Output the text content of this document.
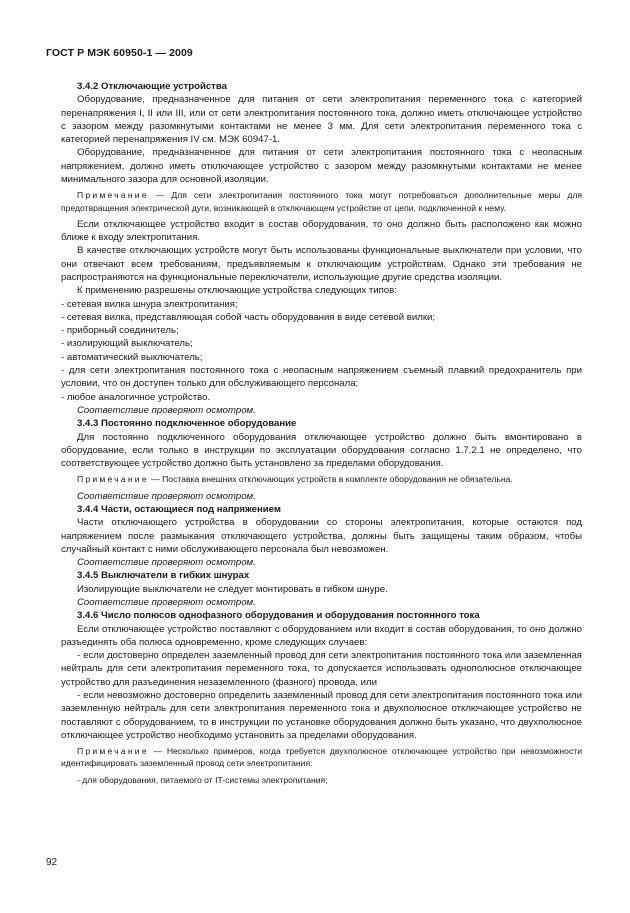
ГОСТ Р МЭК 60950-1 — 2009

3.4.2 Отключающие устройства

Оборудование, предназначенное для питания от сети электропитания переменного тока с категорией перенапряжения I, II или III, или от сети электропитания постоянного тока, должно иметь отключающее устройство с зазором между разомкнутыми контактами не менее 3 мм. Для сети электропитания переменного тока с категорией перенапряжения IV см. МЭК 60947-1.

Оборудование, предназначенное для питания от сети электропитания постоянного тока с неопасным напряжением, должно иметь отключающее устройство с зазором между разомкнутыми контактами не менее минимального зазора для основной изоляции.

Примечание — Для сети электропитания постоянного тока могут потребоваться дополнительные меры для предотвращения электрической дуги, возникающей в отключающем устройстве от цепи, подключенной к нему.

Если отключающее устройство входит в состав оборудования, то оно должно быть расположено как можно ближе к входу электропитания.

В качестве отключающих устройств могут быть использованы функциональные выключатели при условии, что они отвечают всем требованиям, предъявляемым к отключающим устройствам. Однако эти требования не распространяются на функциональные переключатели, использующие другие средства изоляции.

К применению разрешены отключающие устройства следующих типов:

- сетевая вилка шнура электропитания;

- сетевая вилка, представляющая собой часть оборудования в виде сетевой вилки;

- приборный соединитель;

- изолирующий выключатель;

- автоматический выключатель;

- для сети электропитания постоянного тока с неопасным напряжением съемный плавкий предохранитель при условии, что он доступен только для обслуживающего персонала;

- любое аналогичное устройство.

Соответствие проверяют осмотром.

3.4.3 Постоянно подключенное оборудование

Для постоянно подключенного оборудования отключающее устройство должно быть вмонтировано в оборудование, если только в инструкции по эксплуатации оборудования согласно 1.7.2.1 не определено, что соответствующее устройство должно быть установлено за пределами оборудования.

Примечание — Поставка внешних отключающих устройств в комплекте оборудования не обязательна.

Соответствие проверяют осмотром.

3.4.4 Части, остающиеся под напряжением

Части отключающего устройства в оборудовании со стороны электропитания, которые остаются под напряжением после размыкания отключающего устройства, должны быть защищены таким образом, чтобы случайный контакт с ними обслуживающего персонала был невозможен.

Соответствие проверяют осмотром.

3.4.5 Выключатели в гибких шнурах

Изолирующие выключатели не следует монтировать в гибком шнуре.

Соответствие проверяют осмотром.

3.4.6 Число полюсов однофазного оборудования и оборудования постоянного тока

Если отключающее устройство поставляют с оборудованием или входит в состав оборудования, то оно должно разъединять оба полюса одновременно, кроме следующих случаев:

- если достоверно определен заземленный провод для сети электропитания постоянного тока или заземленная нейтраль для сети электропитания переменного тока, то допускается использовать однополюсное отключающее устройство для разъединения незаземленного (фазного) провода, или

- если невозможно достоверно определить заземленный провод для сети электропитания постоянного тока или заземленную нейтраль для сети электропитания переменного тока и двухполюсное отключающее устройство не поставляют с оборудованием, то в инструкции по установке оборудования должно быть указано, что двухполюсное отключающее устройство необходимо установить за пределами оборудования.

Примечание — Несколько примеров, когда требуется двухполюсное отключающее устройство при невозможности идентифицировать заземленный провод сети электропитания:

- для оборудования, питаемого от IT-системы электропитания;

92
